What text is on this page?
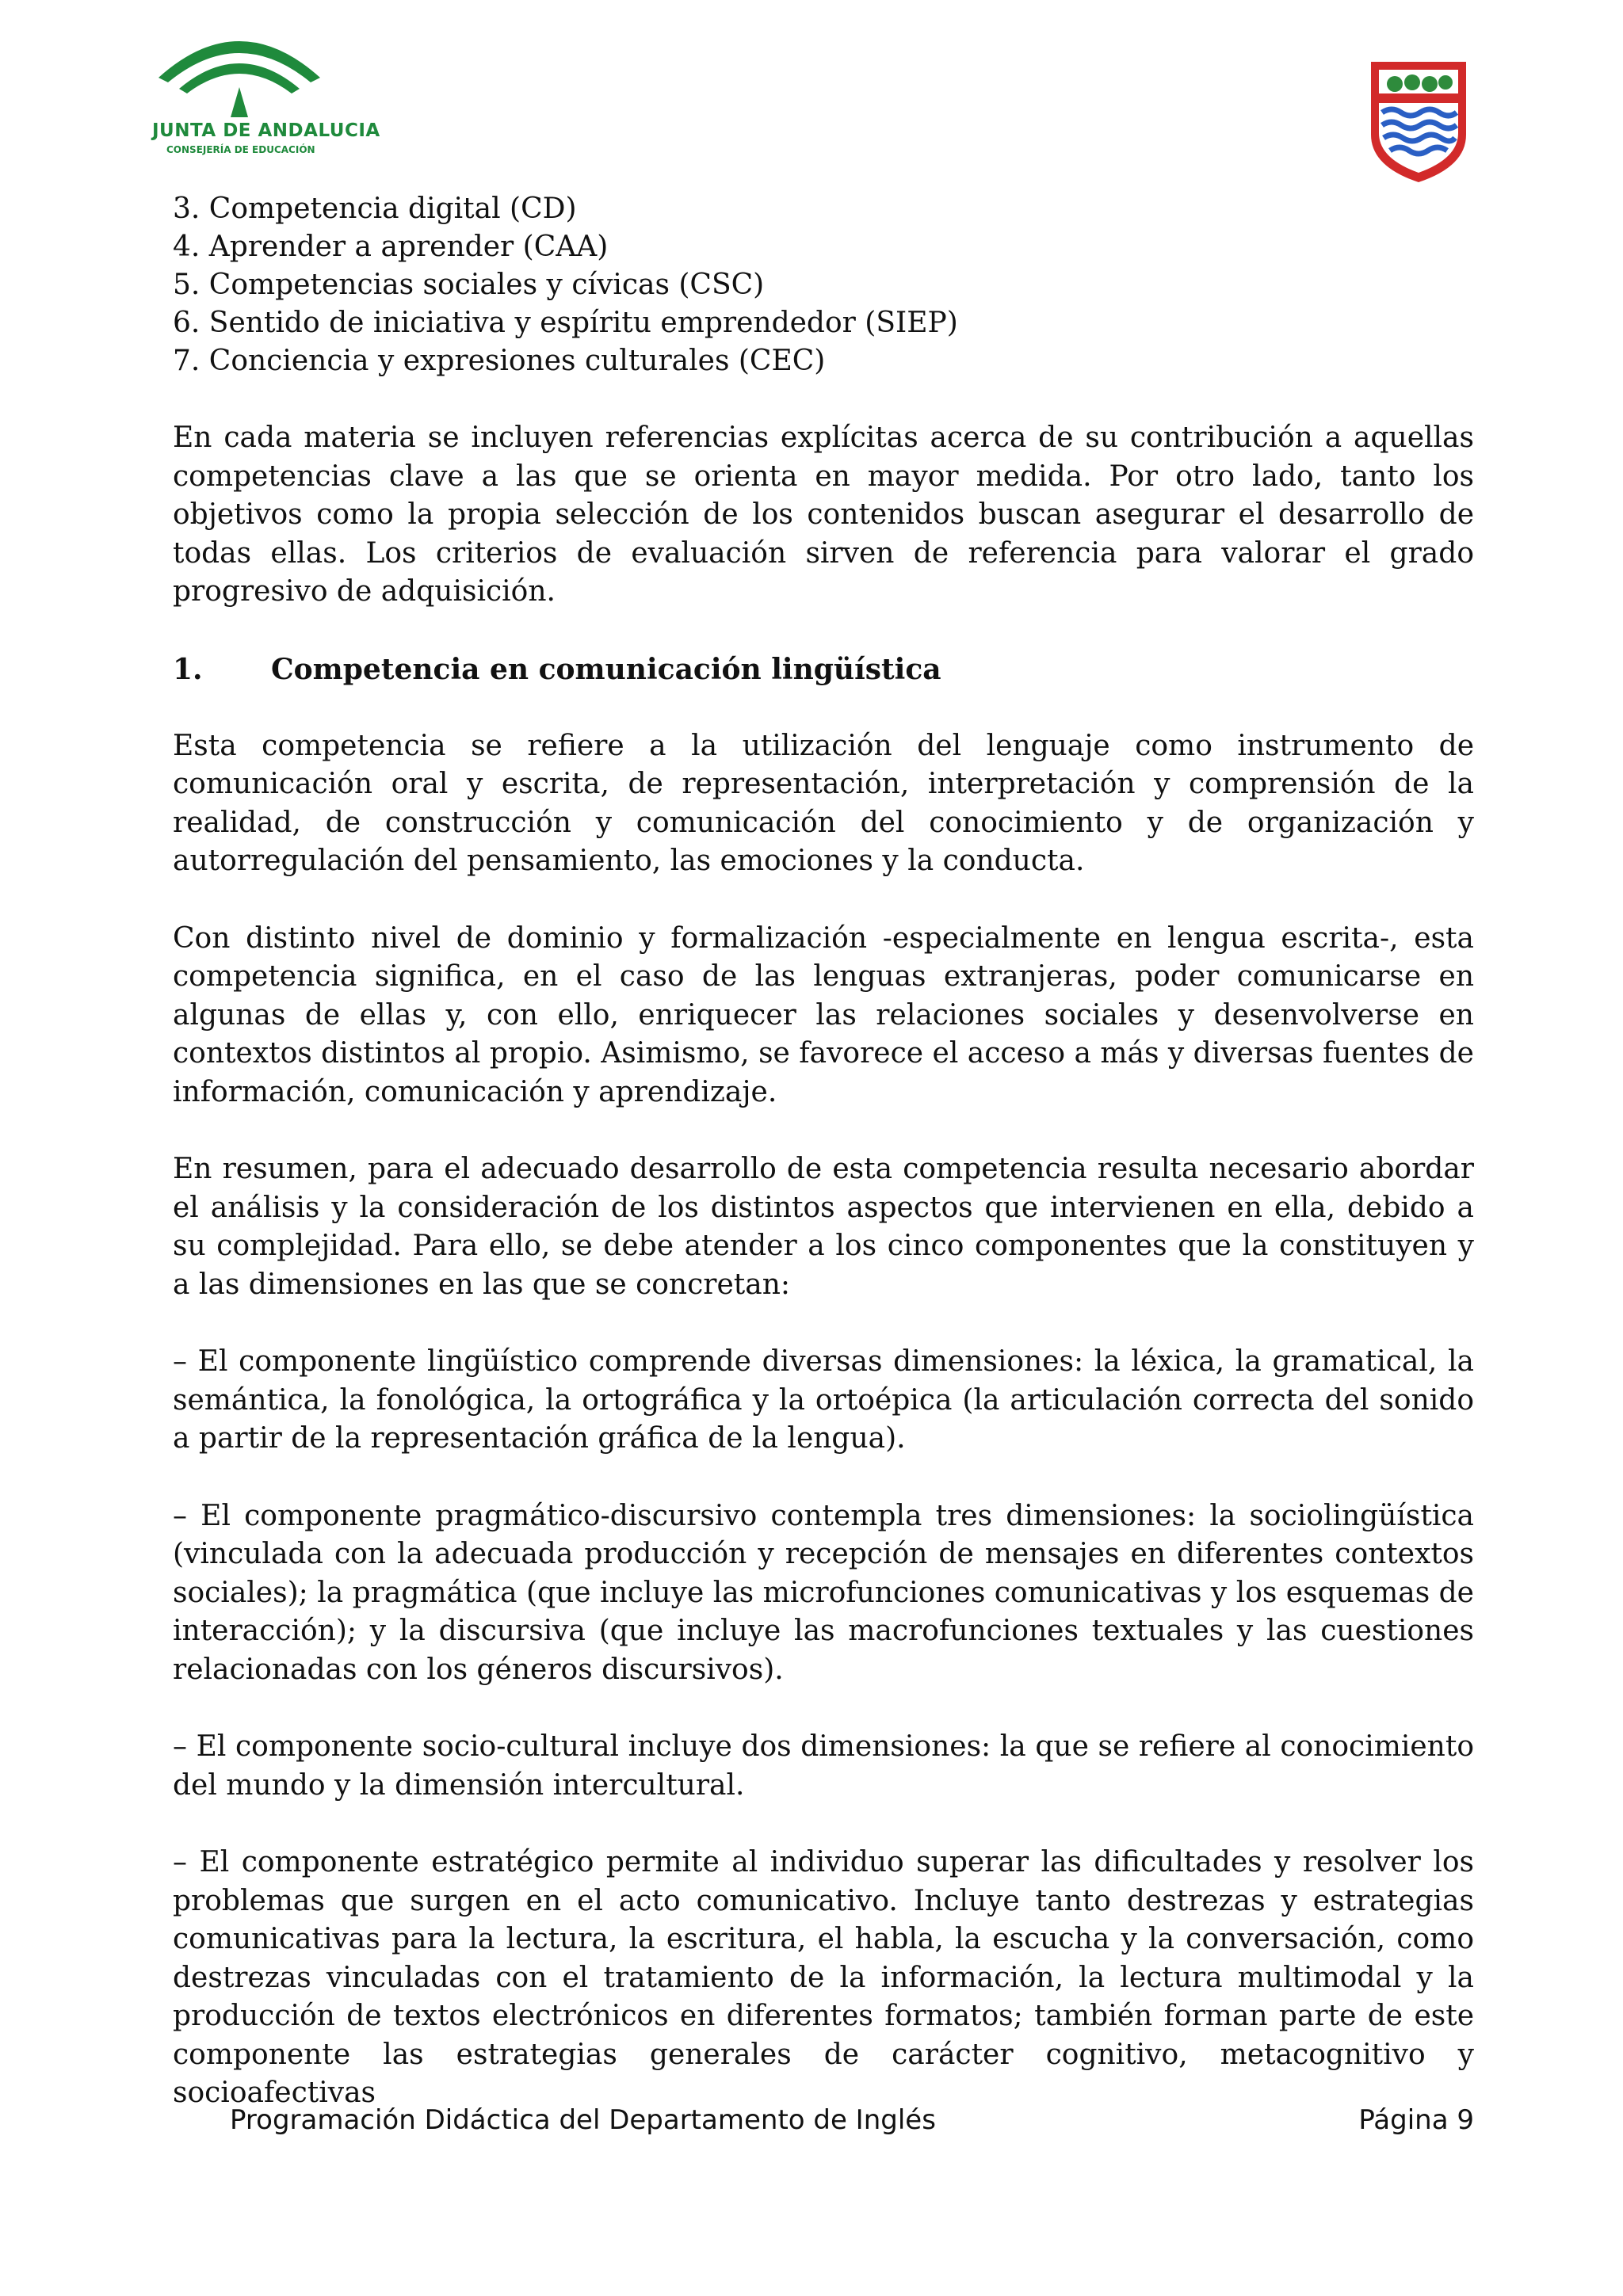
JUNTA DE ANDALUCIA
CONSEJERÍA DE EDUCACIÓN
3. Competencia digital (CD)
4. Aprender a aprender (CAA)
5. Competencias sociales y cívicas (CSC)
6. Sentido de iniciativa y espíritu emprendedor (SIEP)
7. Conciencia y expresiones culturales (CEC)

En cada materia se incluyen referencias explícitas acerca de su contribución a aquellas competencias clave a las que se orienta en mayor medida. Por otro lado, tanto los objetivos como la propia selección de los contenidos buscan asegurar el desarrollo de todas ellas. Los criterios de evaluación sirven de referencia para valorar el grado progresivo de adquisición.

1. Competencia en comunicación lingüística

Esta competencia se refiere a la utilización del lenguaje como instrumento de comunicación oral y escrita, de representación, interpretación y comprensión de la realidad, de construcción y comunicación del conocimiento y de organización y autorregulación del pensamiento, las emociones y la conducta.

Con distinto nivel de dominio y formalización -especialmente en lengua escrita-, esta competencia significa, en el caso de las lenguas extranjeras, poder comunicarse en algunas de ellas y, con ello, enriquecer las relaciones sociales y desenvolverse en contextos distintos al propio. Asimismo, se favorece el acceso a más y diversas fuentes de información, comunicación y aprendizaje.

En resumen, para el adecuado desarrollo de esta competencia resulta necesario abordar el análisis y la consideración de los distintos aspectos que intervienen en ella, debido a su complejidad. Para ello, se debe atender a los cinco componentes que la constituyen y a las dimensiones en las que se concretan:

– El componente lingüístico comprende diversas dimensiones: la léxica, la gramatical, la semántica, la fonológica, la ortográfica y la ortoépica (la articulación correcta del sonido a partir de la representación gráfica de la lengua).

– El componente pragmático-discursivo contempla tres dimensiones: la sociolingüística (vinculada con la adecuada producción y recepción de mensajes en diferentes contextos sociales); la pragmática (que incluye las microfunciones comunicativas y los esquemas de interacción); y la discursiva (que incluye las macrofunciones textuales y las cuestiones relacionadas con los géneros discursivos).

– El componente socio-cultural incluye dos dimensiones: la que se refiere al conocimiento del mundo y la dimensión intercultural.

– El componente estratégico permite al individuo superar las dificultades y resolver los problemas que surgen en el acto comunicativo. Incluye tanto destrezas y estrategias comunicativas para la lectura, la escritura, el habla, la escucha y la conversación, como destrezas vinculadas con el tratamiento de la información, la lectura multimodal y la producción de textos electrónicos en diferentes formatos; también forman parte de este componente las estrategias generales de carácter cognitivo, metacognitivo y socioafectivas

Programación Didáctica del Departamento de Inglés	Página 9
